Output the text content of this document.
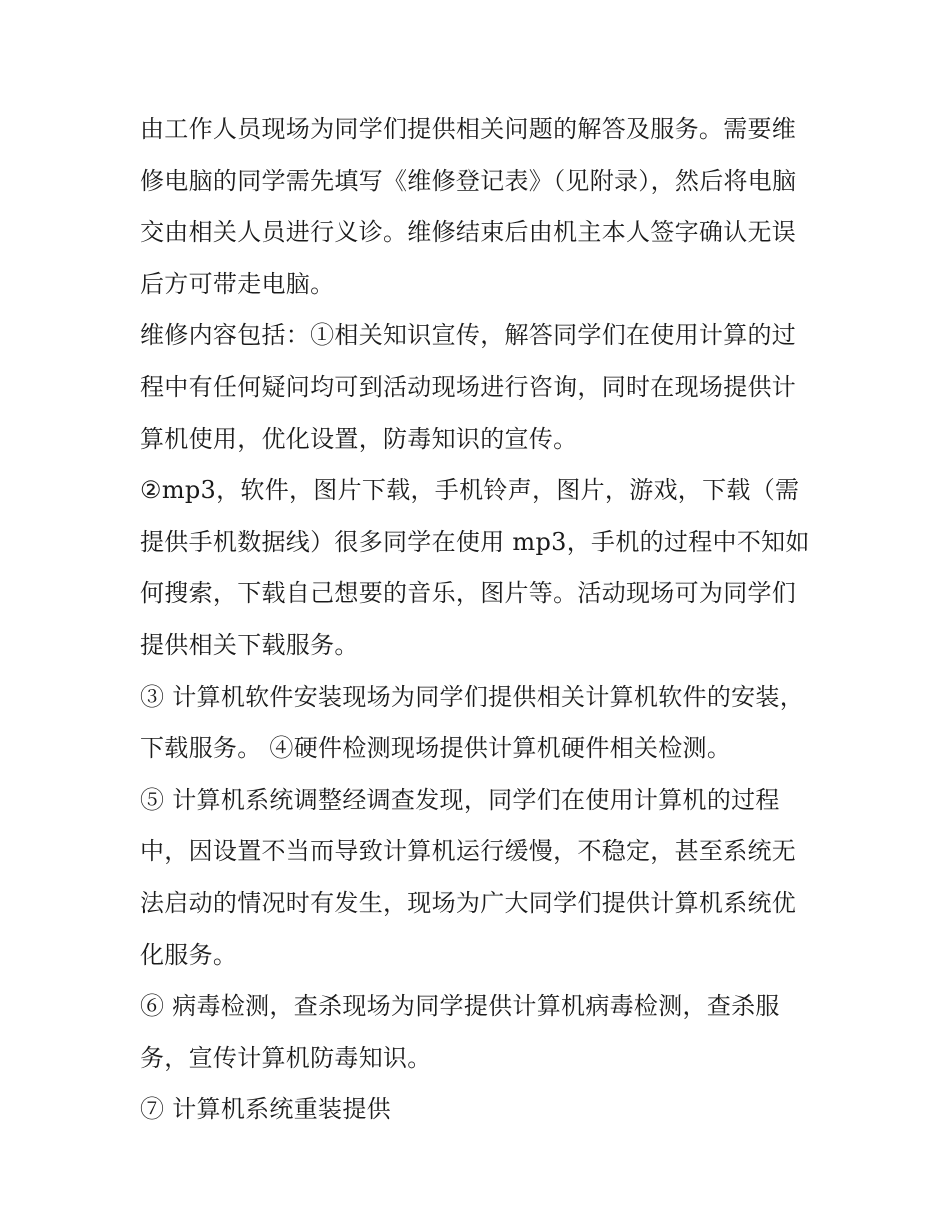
由工作人员现场为同学们提供相关问题的解答及服务。需要维修电脑的同学需先填写《维修登记表》（见附录），然后将电脑交由相关人员进行义诊。维修结束后由机主本人签字确认无误后方可带走电脑。

维修内容包括：①相关知识宣传，解答同学们在使用计算的过程中有任何疑问均可到活动现场进行咨询，同时在现场提供计算机使用，优化设置，防毒知识的宣传。

②mp3，软件，图片下载，手机铃声，图片，游戏，下载（需提供手机数据线）很多同学在使用 mp3，手机的过程中不知如何搜索，下载自己想要的音乐，图片等。活动现场可为同学们提供相关下载服务。

③ 计算机软件安装现场为同学们提供相关计算机软件的安装，下载服务。 ④硬件检测现场提供计算机硬件相关检测。

⑤ 计算机系统调整经调查发现，同学们在使用计算机的过程中，因设置不当而导致计算机运行缓慢，不稳定，甚至系统无法启动的情况时有发生，现场为广大同学们提供计算机系统优化服务。

⑥ 病毒检测，查杀现场为同学提供计算机病毒检测，查杀服务，宣传计算机防毒知识。

⑦ 计算机系统重装提供
